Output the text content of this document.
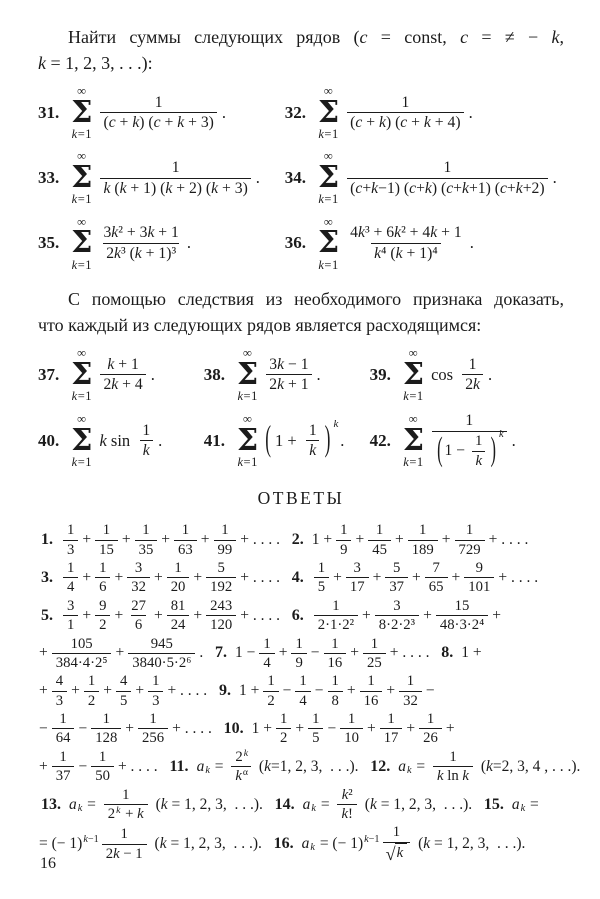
Найти суммы следующих рядов (c = const, c = ≠ − k,

k = 1, 2, 3, . . .):

31.
∞
Σ
k=1
$\frac{1}{(c + k) (c + k + 3)}$ .	32.
∞
Σ
k=1
$\frac{1}{(c + k) (c + k + 4)}$ .
33.
∞
Σ
k=1
$\frac{1}{k (k + 1) (k + 2) (k + 3)}$ . 34.
∞
Σ
k=1
$\frac{1}{(c+k-1) (c+k) (c+k+1) (c+k+2)}$ .
35.
∞
Σ
k=1
$\frac{\text{3k² + 3k + 1}}{\text{2k³ (k + 1)³}}$ .	36.
∞
Σ
k=1
$\frac{\text{4k³ + 6k² + 4k + 1}}{\text{k⁴ (k + 1)⁴}}$ .

С помощью следствия из необходимого признака доказать,

что каждый из следующих рядов является расходящимся:

37.
∞
Σ
k=1
$\frac{k + 1}{2k + 4}$ .	38.
∞
Σ
k=1
$\frac{3k - 1}{2k + 1}$ .	39.
∞
Σ
k=1
$\cos \frac{1}{2k}$ .
40.
∞
Σ
k=1
k $\sin \frac{1}{k}$ . 41.
∞
Σ
k=1
( $1 + \frac{1}{k}$ ) k
. 42.
∞
Σ
$k=1 \frac{1}{( 1 - \frac{1}{k} ) k}$ .
ОТВЕТЫ
1. $\frac{1}{3} + \frac{1}{15} + \frac{1}{35} + \frac{1}{63} + \frac{1}{99}$ + . . . . 2. $1 + \frac{1}{9} + \frac{1}{45} + \frac{1}{189} + \frac{1}{729}$ + . . . .
3. $\frac{1}{4} + \frac{1}{6} + \frac{3}{32} + \frac{1}{20} + \frac{5}{192}$ + . . . . 4. $\frac{1}{5} + \frac{3}{17} + \frac{5}{37} + \frac{7}{65} + \frac{9}{101}$ + . . . .
5. $\frac{3}{1} + \frac{9}{2} + \frac{27}{6} + \frac{81}{24} + \frac{243}{120}$ + . . . . 6. $\frac{1}{\text{2·1·2²}} + \frac{3}{\text{8·2·2³}} + \frac{15}{\text{48·3·2⁴}}$ +
+ $\frac{105}{\text{384·4·2⁵}} + \frac{945}{\text{3840·5·2⁶}}$ . 7. $1 - \frac{1}{4} + \frac{1}{9} - \frac{1}{16} + \frac{1}{25}$ + . . . . 8. 1 +
+ $\frac{4}{3} + \frac{1}{2} + \frac{4}{5} + \frac{1}{3}$ + . . . . 9. $1 + \frac{1}{2} - \frac{1}{4} - \frac{1}{8} + \frac{1}{16} + \frac{1}{32}$ −
− $\frac{1}{64} - \frac{1}{128} + \frac{1}{256}$ + . . . . 10. $1 + \frac{1}{2} + \frac{1}{5} - \frac{1}{10} + \frac{1}{17} + \frac{1}{26}$ +
+ $\frac{1}{37} - \frac{1}{50}$ + . . . . 11. a $k = \frac{2^k}{k^\alpha} (k=1$, 2, 3,  . . .). 12. a $k = \frac{1}{\text{k ln k}} (k=2$, 3, 4 , . . .).
13. a $k = \frac{1}{2^k + k} (k = 1$, 2, 3,  . . .). 14. a $k = \frac{\text{k²}}{k!} (k = 1$, 2, 3,  . . .). 15. a k =
= (− 1) $k-1 \frac{1}{2k - 1} (k = 1$, 2, 3,  . . .). 16. a k = (− 1) $k-1 \frac{1}{√ k} (k = 1$, 2, 3,  . . .).
16
